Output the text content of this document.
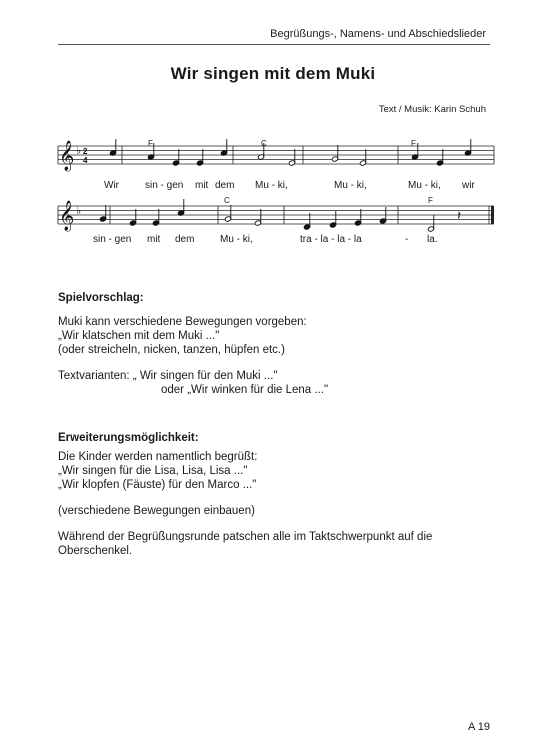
Begrüßungs-, Namens- und Abschiedslieder
Wir singen mit dem Muki
Text / Musik: Karin Schuh
𝄞 ♭ 2
4
F	C	F
Wir	sin - gen mit dem Mu - ki,	Mu - ki,	Mu - ki, wir
𝄞 ♭	𝄽
C	F
sin - gen mit dem	Mu - ki,	tra - la - la - la	- la.
Spielvorschlag:
Muki kann verschiedene Bewegungen vorgeben:
„Wir klatschen mit dem Muki ..."
(oder streicheln, nicken, tanzen, hüpfen etc.)
Textvarianten: „ Wir singen für den Muki ..."
oder „Wir winken für die Lena ..."
Erweiterungsmöglichkeit:
Die Kinder werden namentlich begrüßt:
„Wir singen für die Lisa, Lisa, Lisa ..."
„Wir klopfen (Fäuste) für den Marco ..."
(verschiedene Bewegungen einbauen)
Während der Begrüßungsrunde patschen alle im Taktschwerpunkt auf die
Oberschenkel.
A 19
